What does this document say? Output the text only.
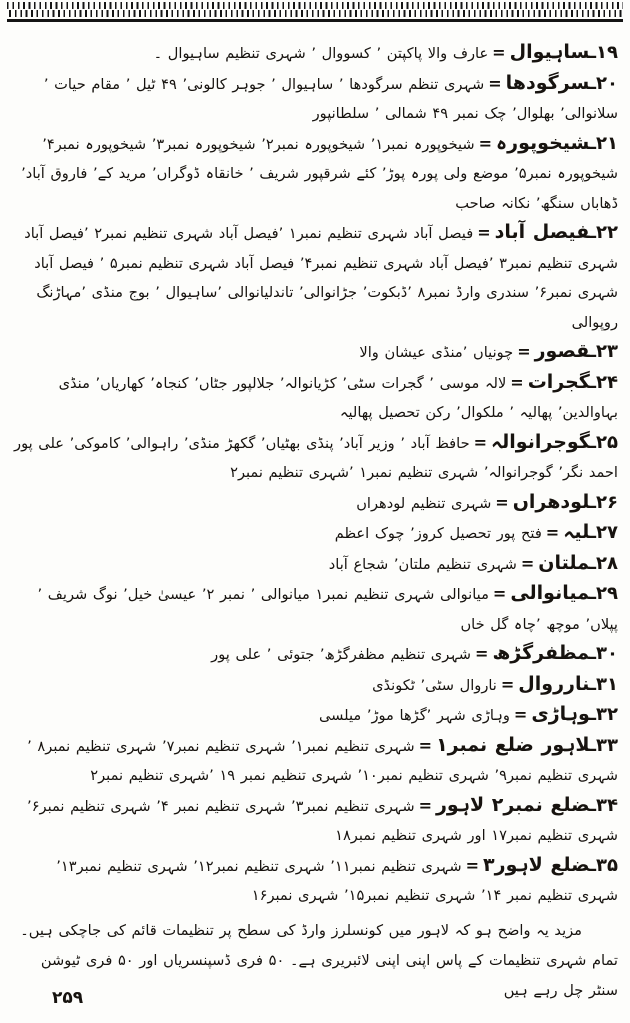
۱۹ـساہیوال=عارف والا پاکپتن ’ کسووال ’ شہری تنظیم ساہیوال ۔

۲۰ـسرگودھا=شہری تنظم سرگودھا ’ ساہیوال ’ جوہر کالونی’ ۴۹ ٹیل ’ مقام حیات ’ سلانوالی’ بھلوال’ چک نمبر ۴۹ شمالی ’ سلطانپور

۲۱ـشیخوپورہ=شیخوپورہ نمبر۱’ شیخوپورہ نمبر۲’ شیخوپورہ نمبر۳’ شیخوپورہ نمبر۴’ شیخوپورہ نمبر۵’ موضع ولی پورہ پوڑ’ کئے شرقپور شریف ’ خانقاہ ڈوگراں’ مرید کے’ فاروق آباد’ ڈھاباں سنگھ’ نکانہ صاحب

۲۲ـفیصل آباد=فیصل آباد شہری تنظیم نمبر۱ ’فیصل آباد شہری تنظیم نمبر۲ ’فیصل آباد شہری تنظیم نمبر۳ ’فیصل آباد شہری تنظیم نمبر۴’ فیصل آباد شہری تنظیم نمبر۵ ’ فیصل آباد شہری نمبر۶’ سندری وارڈ نمبر۸ ’ڈبکوت’ جڑانوالی’ تاندلیانوالی ’ساہیوال ’ بوج منڈی ’مہاڑنگ روپوالی

۲۳ـقصور=چونیاں ’منڈی عیشان والا

۲۴ـگجرات=لالہ موسی ’ گجرات سٹی’ کڑیانوالہ’ جلالپور جٹاں’ کنجاہ’ کھاریاں’ منڈی بہاوالدین’ پھالیہ ’ ملکوال’ رکن تحصیل پھالیہ

۲۵ـگوجرانوالہ=حافظ آباد ’ وزیر آباد’ پنڈی بھٹیاں’ گکھڑ منڈی’ راہوالی’ کاموکی’ علی پور احمد نگر’ گوجرانوالہ’ شہری تنظیم نمبر۱ ’شہری تنظیم نمبر۲

۲۶ـلودھراں=شہری تنظیم لودھراں

۲۷ـلیہ=فتح پور تحصیل کروز’ چوک اعظم

۲۸ـملتان=شہری تنظیم ملتان’ شجاع آباد

۲۹ـمیانوالی=میانوالی شہری تنظیم نمبر۱ میانوالی ’ نمبر ۲’ عیسیٰ خیل’ نوگ شریف ’ پپلاں’ موچھ ’چاہ گل خاں

۳۰ـمظفرگڑھ=شہری تنظیم مظفرگڑھ’ جتوئی ’ علی پور

۳۱ـنارروال=ناروال سٹی’ ٹکونڈی

۳۲ـوہاڑی=وہاڑی شہر ’گڑھا موڑ’ میلسی

۳۳ـلاہور ضلع نمبر۱=شہری تنظیم نمبر۱’ شہری تنظیم نمبر۷’ شہری تنظیم نمبر۸ ’ شہری تنظیم نمبر۹’ شہری تنظیم نمبر۱۰’ شہری تنظیم نمبر ۱۹ ’شہری تنظیم نمبر۲

۳۴ـضلع نمبر۲ لاہور=شہری تنظیم نمبر۳’ شہری تنظیم نمبر ۴’ شہری تنظیم نمبر۶’ شہری تنظیم نمبر۱۷ اور شہری تنظیم نمبر۱۸

۳۵ـضلع لاہور۳=شہری تنظیم نمبر۱۱’ شہری تنظیم نمبر۱۲’ شہری تنظیم نمبر۱۳’ شہری تنظیم نمبر ۱۴’ شہری تنظیم نمبر۱۵’ شہری نمبر۱۶

مزید یہ واضح ہو کہ لاہور میں کونسلرز وارڈ کی سطح پر تنظیمات قائم کی جاچکی ہیں۔ تمام شہری تنظیمات کے پاس اپنی اپنی لائبریری ہے۔ ۵۰ فری ڈسپنسریاں اور ۵۰ فری ٹیوشن سنٹر چل رہے ہیں

۲۵۹
